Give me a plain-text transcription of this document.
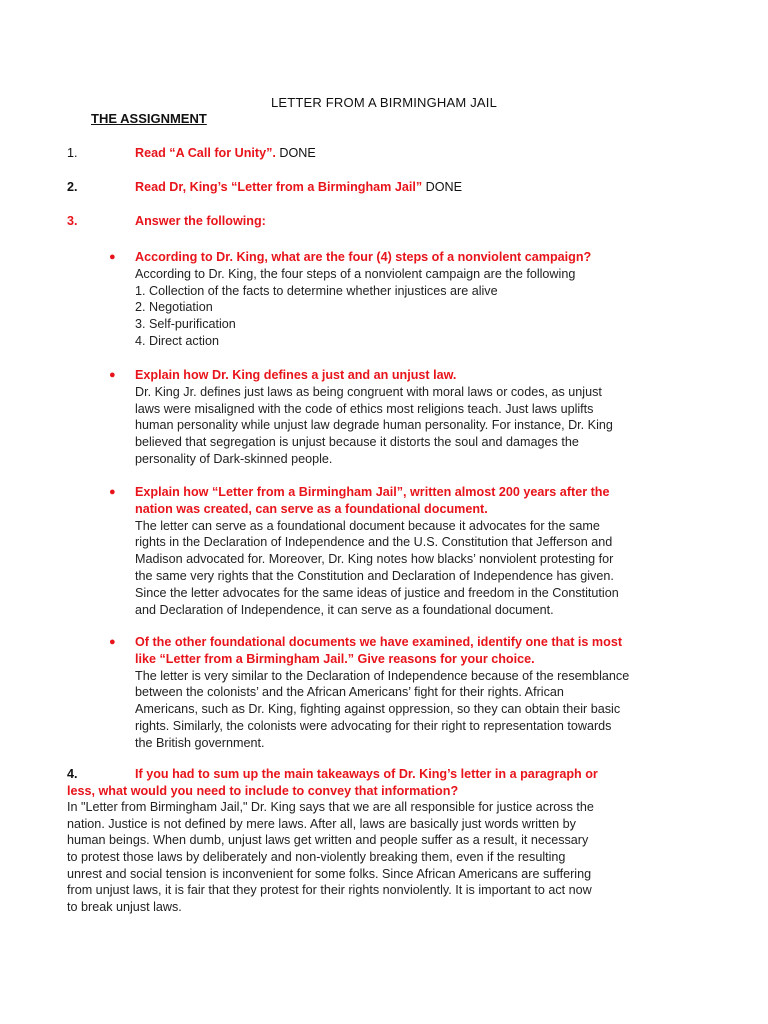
LETTER FROM A BIRMINGHAM JAIL
THE ASSIGNMENT
1.	Read “A Call for Unity”. DONE
2.	Read Dr, King’s “Letter from a Birmingham Jail” DONE
3.	Answer the following:
● According to Dr. King, what are the four (4) steps of a nonviolent campaign?
According to Dr. King, the four steps of a nonviolent campaign are the following
1. Collection of the facts to determine whether injustices are alive
2. Negotiation
3. Self-purification
4. Direct action
● Explain how Dr. King defines a just and an unjust law.
Dr. King Jr. defines just laws as being congruent with moral laws or codes, as unjust
laws were misaligned with the code of ethics most religions teach. Just laws uplifts
human personality while unjust law degrade human personality. For instance, Dr. King
believed that segregation is unjust because it distorts the soul and damages the
personality of Dark-skinned people.
● Explain how “Letter from a Birmingham Jail”, written almost 200 years after the
nation was created, can serve as a foundational document.
The letter can serve as a foundational document because it advocates for the same
rights in the Declaration of Independence and the U.S. Constitution that Jefferson and
Madison advocated for. Moreover, Dr. King notes how blacks’ nonviolent protesting for
the same very rights that the Constitution and Declaration of Independence has given.
Since the letter advocates for the same ideas of justice and freedom in the Constitution
and Declaration of Independence, it can serve as a foundational document.
● Of the other foundational documents we have examined, identify one that is most
like “Letter from a Birmingham Jail.” Give reasons for your choice.
The letter is very similar to the Declaration of Independence because of the resemblance
between the colonists’ and the African Americans’ fight for their rights. African
Americans, such as Dr. King, fighting against oppression, so they can obtain their basic
rights. Similarly, the colonists were advocating for their right to representation towards
the British government.
4.	If you had to sum up the main takeaways of Dr. King’s letter in a paragraph or
less, what would you need to include to convey that information?
In "Letter from Birmingham Jail," Dr. King says that we are all responsible for justice across the
nation. Justice is not defined by mere laws. After all, laws are basically just words written by
human beings. When dumb, unjust laws get written and people suffer as a result, it necessary
to protest those laws by deliberately and non-violently breaking them, even if the resulting
unrest and social tension is inconvenient for some folks. Since African Americans are suffering
from unjust laws, it is fair that they protest for their rights nonviolently. It is important to act now
to break unjust laws.
